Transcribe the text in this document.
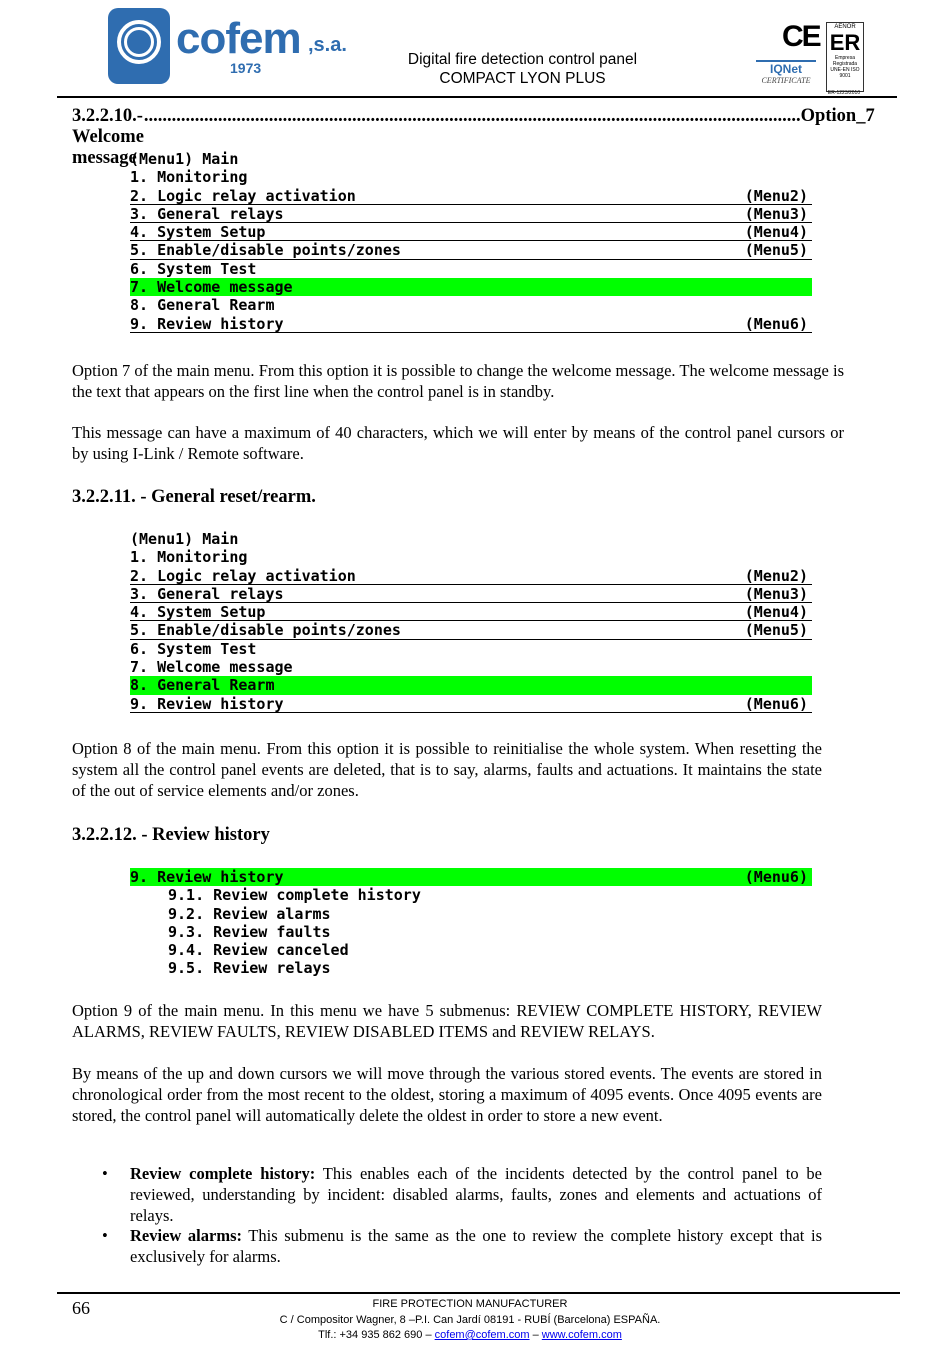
cofem ,s.a.
1973	Digital fire detection control panel
COMPACT LYON PLUS
CE
IQNet
CERTIFICATE
AENOR
ER
Empresa
Registrada
UNE-EN ISO 9001
ER-1223/2010
3.2.2.10.- Welcome message
.............................................................................................................................................. Option_7
(Menu1) Main
1. Monitoring
2. Logic relay activation	(Menu2)
3. General relays	(Menu3)
4. System Setup	(Menu4)
5. Enable/disable points/zones	(Menu5)
6. System Test
7. Welcome message
8. General Rearm
9. Review history	(Menu6)
Option 7 of the main menu. From this option it is possible to change the welcome message. The welcome message is the text that appears on the first line when the control panel is in standby.
This message can have a maximum of 40 characters, which we will enter by means of the control panel cursors or by using I-Link / Remote software.
3.2.2.11. - General reset/rearm.
(Menu1) Main
1. Monitoring
2. Logic relay activation	(Menu2)
3. General relays	(Menu3)
4. System Setup	(Menu4)
5. Enable/disable points/zones	(Menu5)
6. System Test
7. Welcome message
8. General Rearm
9. Review history	(Menu6)
Option 8 of the main menu. From this option it is possible to reinitialise the whole system. When resetting the system all the control panel events are deleted, that is to say, alarms, faults and actuations. It maintains the state of the out of service elements and/or zones.
3.2.2.12. - Review history
9. Review history	(Menu6)
9.1. Review complete history
9.2. Review alarms
9.3. Review faults
9.4. Review canceled
9.5. Review relays
Option 9 of the main menu. In this menu we have 5 submenus: REVIEW COMPLETE HISTORY, REVIEW ALARMS, REVIEW FAULTS, REVIEW DISABLED ITEMS and REVIEW RELAYS.
By means of the up and down cursors we will move through the various stored events. The events are stored in chronological order from the most recent to the oldest, storing a maximum of 4095 events. Once 4095 events are stored, the control panel will automatically delete the oldest in order to store a new event.
• Review complete history: This enables each of the incidents detected by the control panel to be reviewed, understanding by incident: disabled alarms, faults, zones and elements and actuations of relays.
• Review alarms: This submenu is the same as the one to review the complete history except that is exclusively for alarms.
66	FIRE PROTECTION MANUFACTURER
C / Compositor Wagner, 8 –P.I. Can Jardí 08191 - RUBÍ (Barcelona) ESPAÑA.
Tlf.: +34 935 862 690 – cofem@cofem.com – www.cofem.com
